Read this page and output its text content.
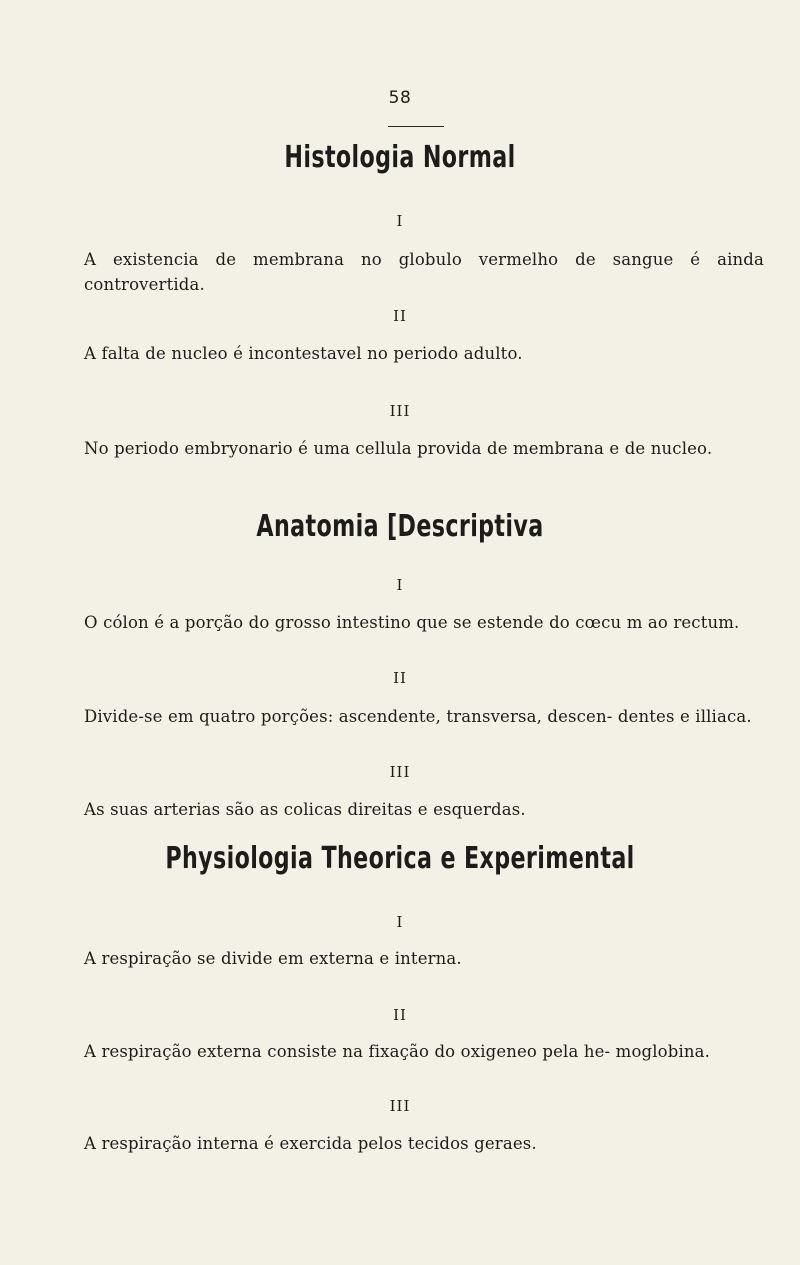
58
Histologia Normal
I
A existencia de membrana no globulo vermelho de sangue é ainda controvertida.
II
A falta de nucleo é incontestavel no periodo adulto.
III
No periodo embryonario é uma cellula provida de membrana e de nucleo.
Anatomia [Descriptiva
I
O cólon é a porção do grosso intestino que se estende do cœcu m ao rectum.
II
Divide-se em quatro porções: ascendente, transversa, descen- dentes e illiaca.
III
As suas arterias são as colicas direitas e esquerdas.
Physiologia Theorica e Experimental
I
A respiração se divide em externa e interna.
II
A respiração externa consiste na fixação do oxigeneo pela he- moglobina.
III
A respiração interna é exercida pelos tecidos geraes.
